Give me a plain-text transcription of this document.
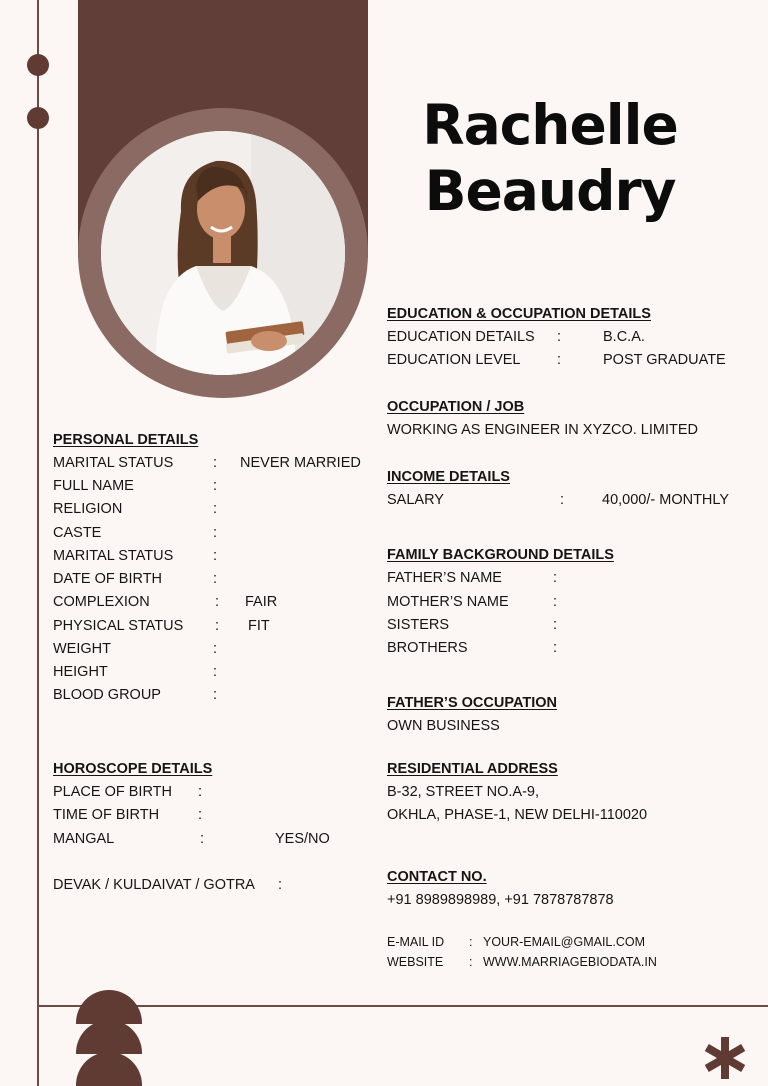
Rachelle
Beaudry
PERSONAL DETAILS
MARITAL STATUS	: NEVER MARRIED
FULL NAME	:
RELIGION	:
CASTE	:
MARITAL STATUS	:
DATE OF BIRTH	:
COMPLEXION	: FAIR
PHYSICAL STATUS : FIT
WEIGHT	:
HEIGHT	:
BLOOD GROUP	:
HOROSCOPE DETAILS
PLACE OF BIRTH :
TIME OF BIRTH	:
MANGAL	:	YES/NO
DEVAK / KULDAIVAT / GOTRA :
EDUCATION & OCCUPATION DETAILS
EDUCATION DETAILS :	B.C.A.
EDUCATION LEVEL	:	POST GRADUATE
OCCUPATION / JOB
WORKING AS ENGINEER IN XYZCO. LIMITED
INCOME DETAILS
SALARY	:	40,000/- MONTHLY
FAMILY BACKGROUND DETAILS
FATHER’S NAME	:
MOTHER’S NAME	:
SISTERS	:
BROTHERS	:
FATHER’S OCCUPATION
OWN BUSINESS
RESIDENTIAL ADDRESS
B-32, STREET NO.A-9,
OKHLA, PHASE-1, NEW DELHI-110020
CONTACT NO.
+91 8989898989, +91 7878787878
E-MAIL ID : YOUR-EMAIL@GMAIL.COM
WEBSITE : WWW.MARRIAGEBIODATA.IN
